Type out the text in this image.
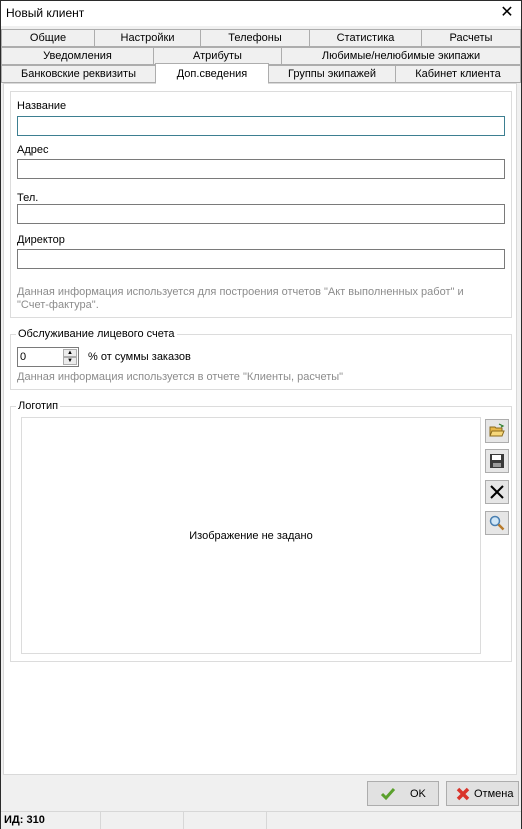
Новый клиент	✕
Общие	Настройки	Телефоны	Статистика	Расчеты
Уведомления	Атрибуты	Любимые/нелюбимые экипажи
Банковские реквизиты	Доп.сведения	Группы экипажей	Кабинет клиента
Название
Адрес
Тел.
Директор
Данная информация используется для построения отчетов "Акт выполненных работ" и
"Счет-фактура".
Обслуживание лицевого счета
0	▲
▼	% от суммы заказов
Данная информация используется в отчете "Клиенты, расчеты"
Логотип
Изображение не задано
OK	Отмена
ИД: 310
